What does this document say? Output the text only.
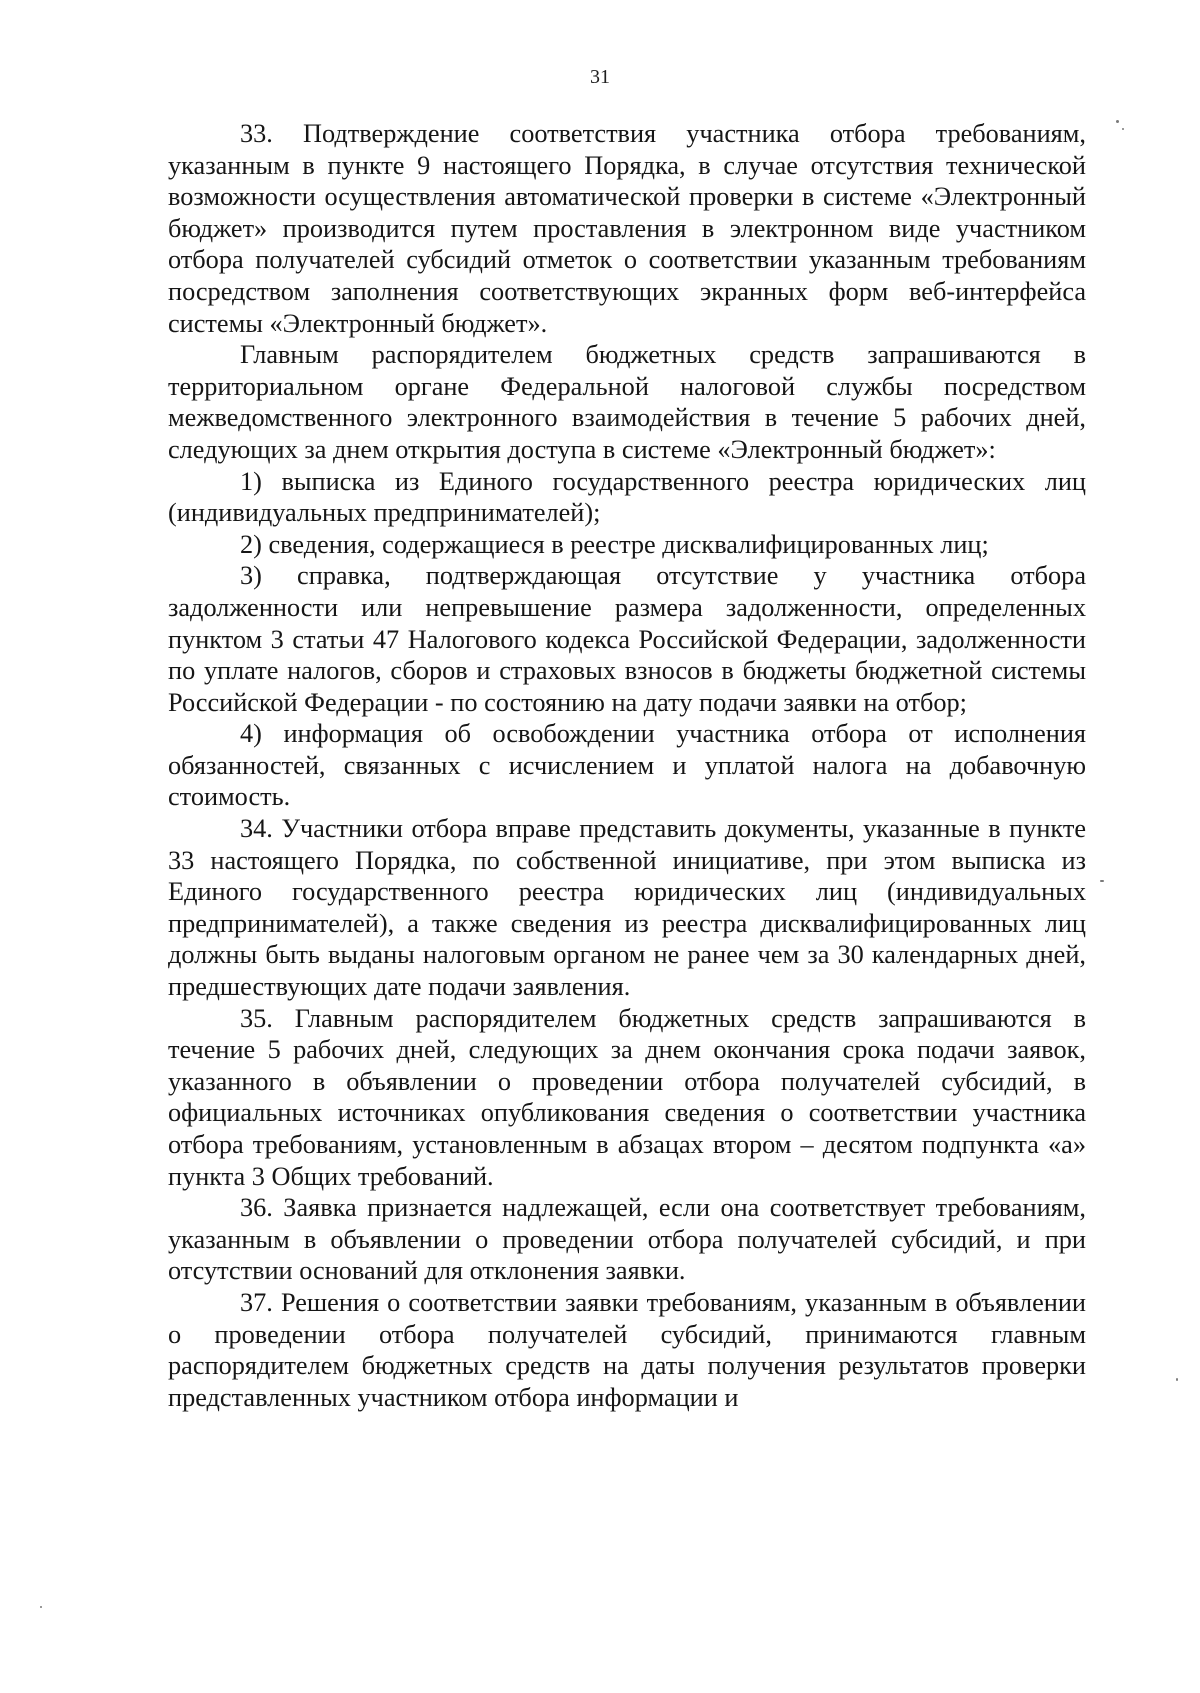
31

33. Подтверждение соответствия участника отбора требованиям, указанным в пункте 9 настоящего Порядка, в случае отсутствия технической возможности осуществления автоматической проверки в системе «Электронный бюджет» производится путем проставления в электронном виде участником отбора получателей субсидий отметок о соответствии указанным требованиям посредством заполнения соответствующих экранных форм веб-интерфейса системы «Электронный бюджет».

Главным распорядителем бюджетных средств запрашиваются в территориальном органе Федеральной налоговой службы посредством межведомственного электронного взаимодействия в течение 5 рабочих дней, следующих за днем открытия доступа в системе «Электронный бюджет»:

1) выписка из Единого государственного реестра юридических лиц (индивидуальных предпринимателей);

2) сведения, содержащиеся в реестре дисквалифицированных лиц;

3) справка, подтверждающая отсутствие у участника отбора задолженности или непревышение размера задолженности, определенных пунктом 3 статьи 47 Налогового кодекса Российской Федерации, задолженности по уплате налогов, сборов и страховых взносов в бюджеты бюджетной системы Российской Федерации - по состоянию на дату подачи заявки на отбор;

4) информация об освобождении участника отбора от исполнения обязанностей, связанных с исчислением и уплатой налога на добавочную стоимость.

34. Участники отбора вправе представить документы, указанные в пункте 33 настоящего Порядка, по собственной инициативе, при этом выписка из Единого государственного реестра юридических лиц (индивидуальных предпринимателей), а также сведения из реестра дисквалифицированных лиц должны быть выданы налоговым органом не ранее чем за 30 календарных дней, предшествующих дате подачи заявления.

35. Главным распорядителем бюджетных средств запрашиваются в течение 5 рабочих дней, следующих за днем окончания срока подачи заявок, указанного в объявлении о проведении отбора получателей субсидий, в официальных источниках опубликования сведения о соответствии участника отбора требованиям, установленным в абзацах втором – десятом подпункта «а» пункта 3 Общих требований.

36. Заявка признается надлежащей, если она соответствует требованиям, указанным в объявлении о проведении отбора получателей субсидий, и при отсутствии оснований для отклонения заявки.

37. Решения о соответствии заявки требованиям, указанным в объявлении о проведении отбора получателей субсидий, принимаются главным распорядителем бюджетных средств на даты получения результатов проверки представленных участником отбора информации и
